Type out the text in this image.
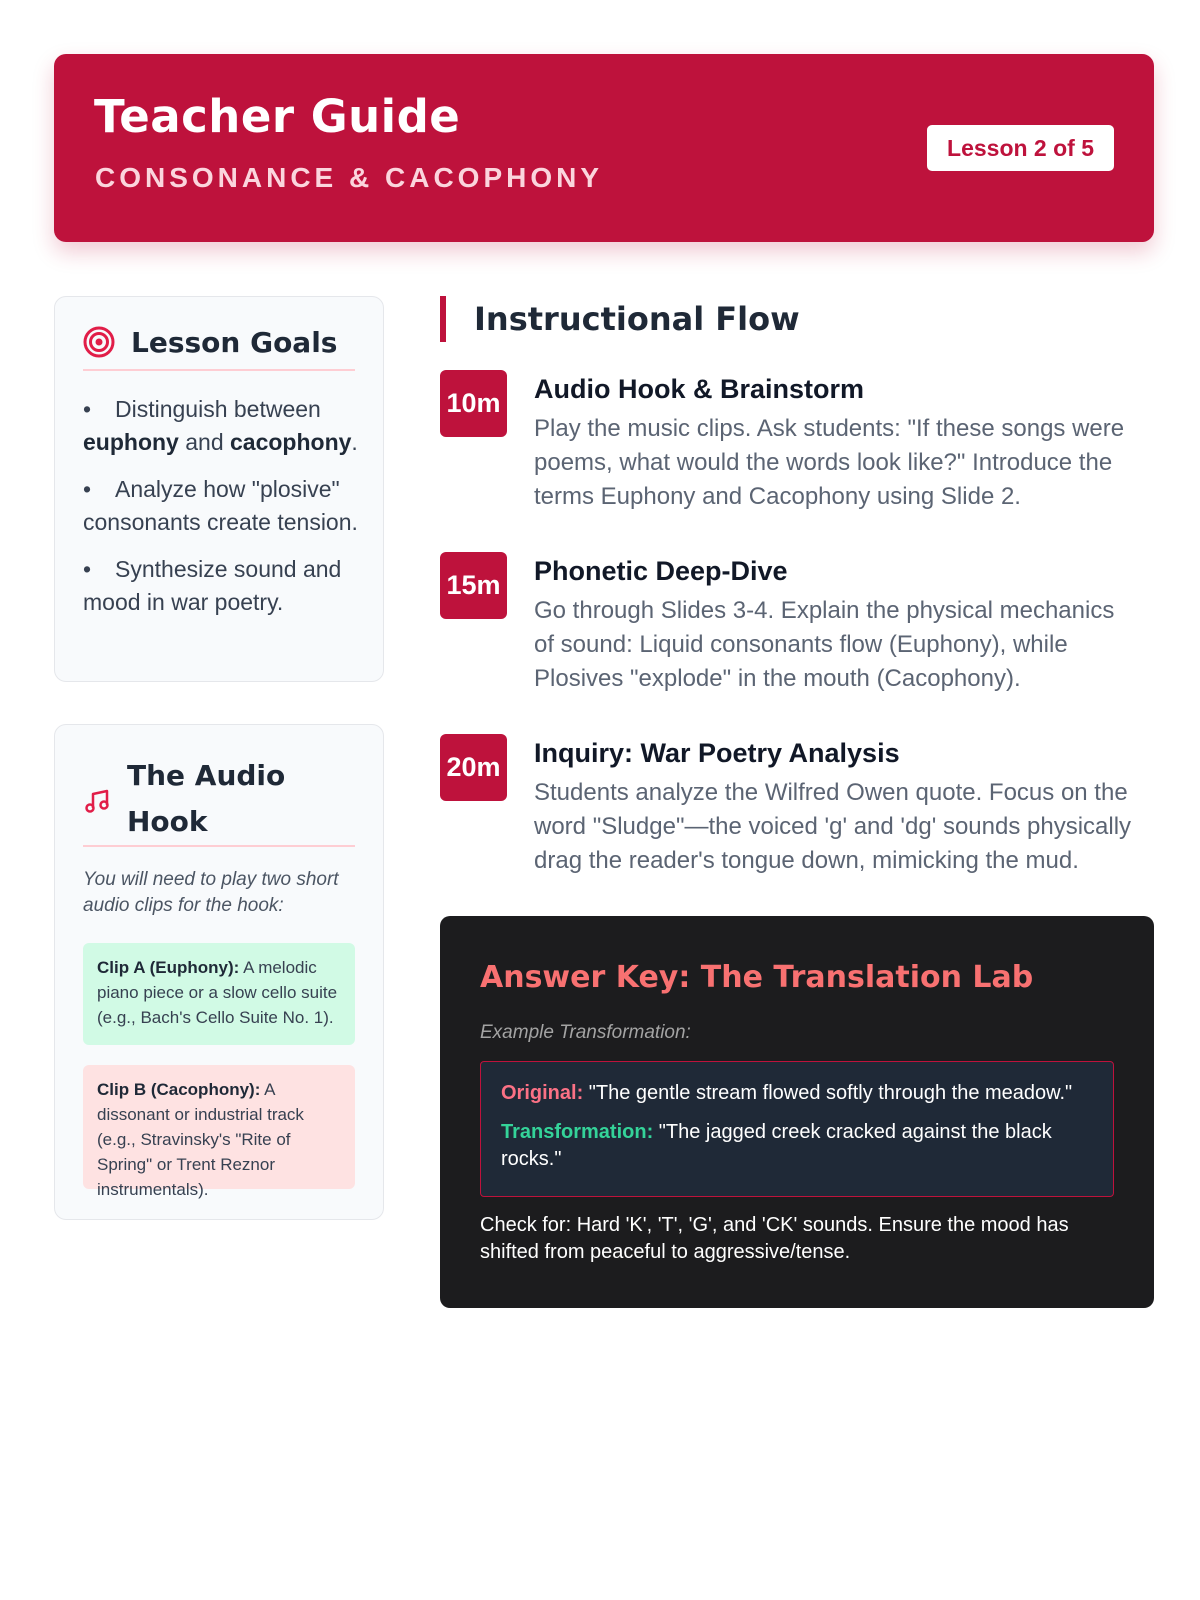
Teacher Guide
CONSONANCE & CACOPHONY
Lesson 2 of 5
Lesson Goals
• Distinguish between euphony and cacophony.
• Analyze how "plosive" consonants create tension.
• Synthesize sound and mood in war poetry.
The Audio Hook
You will need to play two short audio clips for the hook:
Clip A (Euphony): A melodic piano piece or a slow cello suite (e.g., Bach's Cello Suite No. 1).
Clip B (Cacophony): A dissonant or industrial track (e.g., Stravinsky's "Rite of Spring" or Trent Reznor instrumentals).
Instructional Flow
10m Audio Hook & Brainstorm
Play the music clips. Ask students: "If these songs were poems, what would the words look like?" Introduce the terms Euphony and Cacophony using Slide 2.
15m Phonetic Deep-Dive
Go through Slides 3-4. Explain the physical mechanics of sound: Liquid consonants flow (Euphony), while Plosives "explode" in the mouth (Cacophony).
20m Inquiry: War Poetry Analysis
Students analyze the Wilfred Owen quote. Focus on the word "Sludge"—the voiced 'g' and 'dg' sounds physically drag the reader's tongue down, mimicking the mud.
Answer Key: The Translation Lab
Example Transformation:
Original: "The gentle stream flowed softly through the meadow."
Transformation: "The jagged creek cracked against the black rocks."
Check for: Hard 'K', 'T', 'G', and 'CK' sounds. Ensure the mood has shifted from peaceful to aggressive/tense.
